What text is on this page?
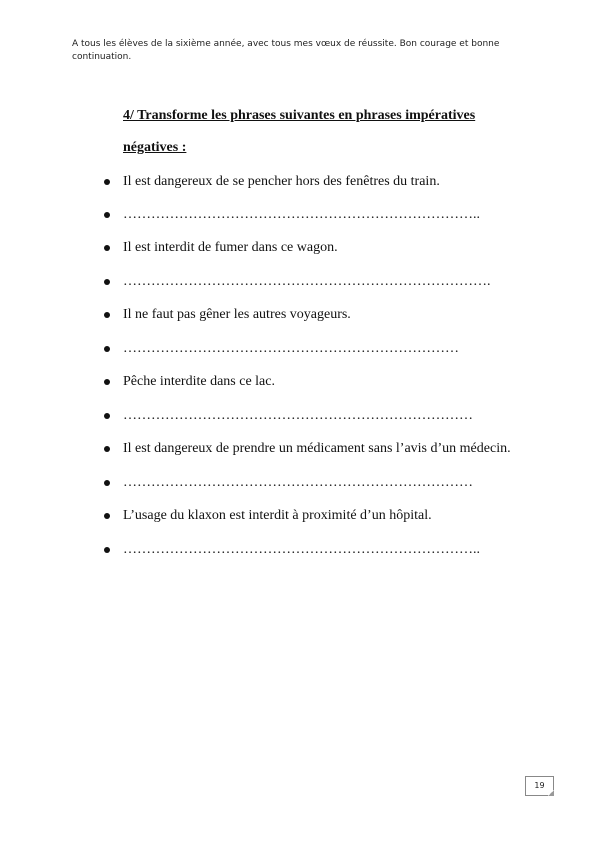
A tous les élèves de la sixième année, avec tous mes vœux de réussite. Bon courage et bonne continuation.
4/ Transforme les phrases suivantes en phrases impératives
négatives :
Il est dangereux de se pencher hors des fenêtres du train.
…………………………………………………………………..
Il est interdit de fumer dans ce wagon.
…………………………………………………………………….
Il ne faut pas gêner les autres voyageurs.
………………………………………………………………
Pêche interdite dans ce lac.
…………………………………………………………………
Il est dangereux de prendre un médicament sans l’avis d’un médecin.
…………………………………………………………………
L’usage du klaxon est interdit à proximité d’un hôpital.
…………………………………………………………………..
19
